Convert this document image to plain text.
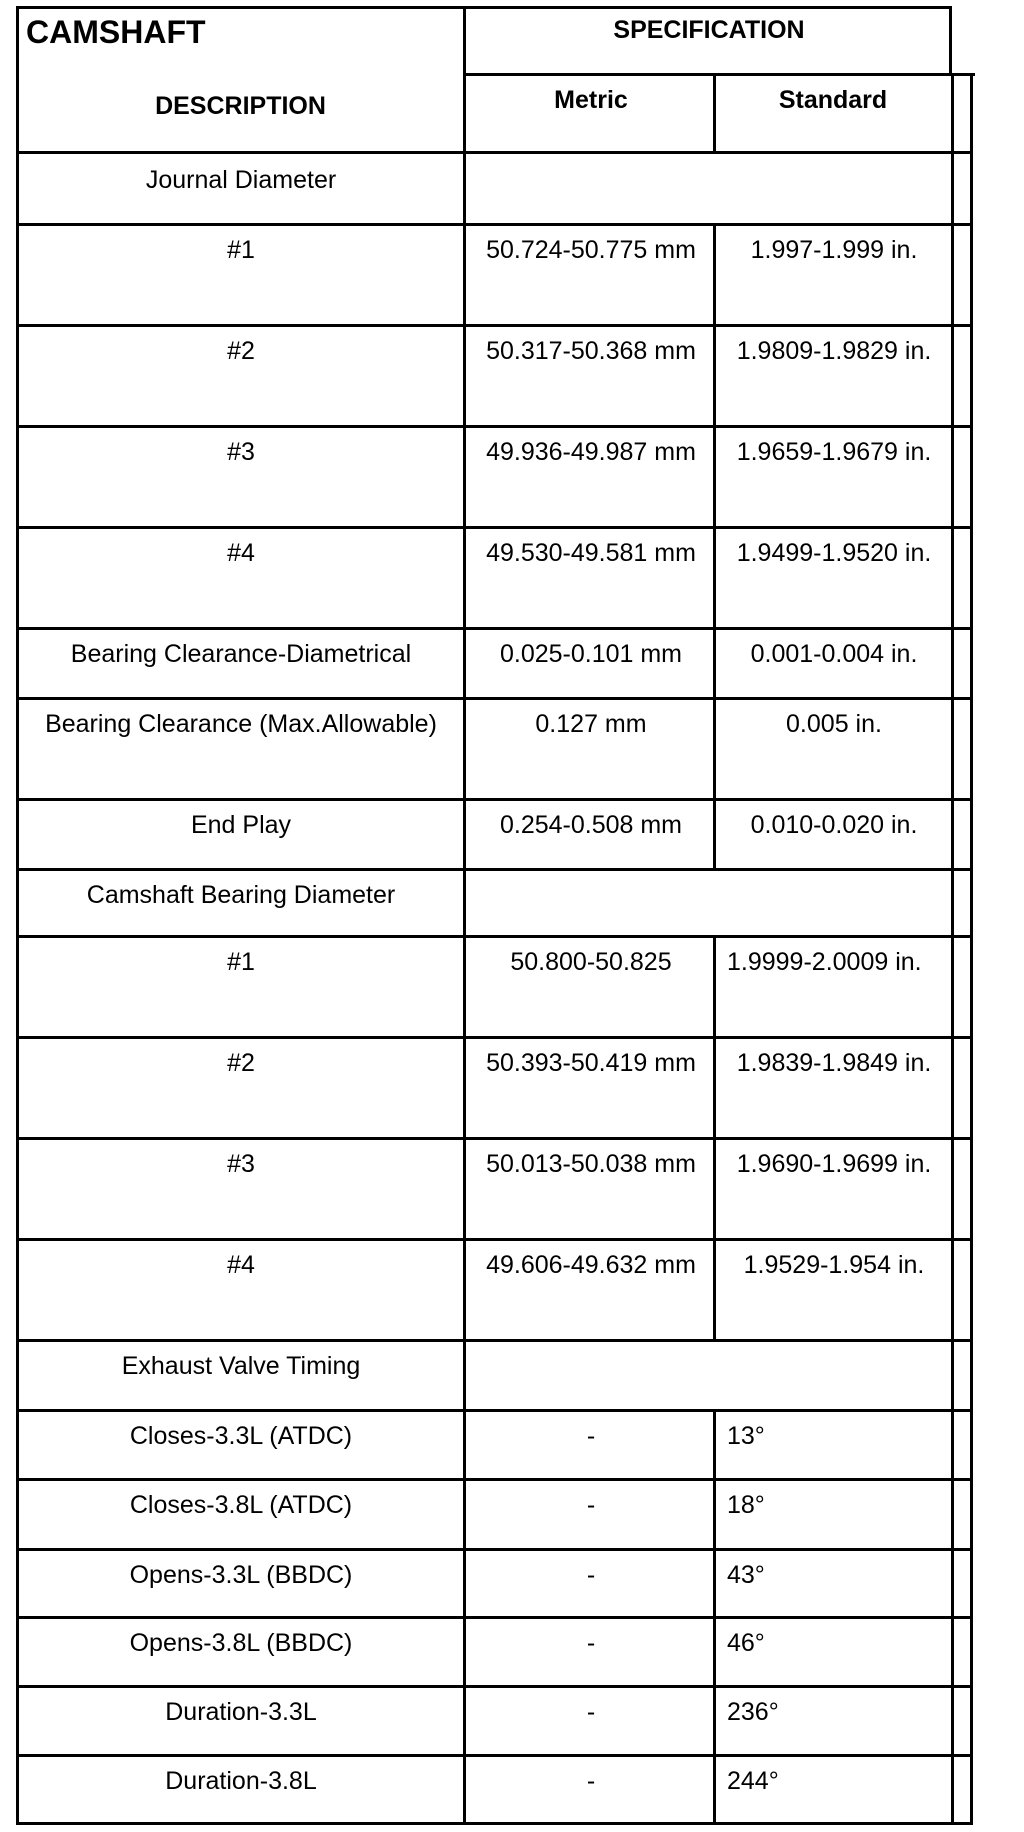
CAMSHAFT	SPECIFICATION
DESCRIPTION	Metric	Standard
Journal Diameter
#1	50.724-50.775 mm	1.997-1.999 in.
#2	50.317-50.368 mm	1.9809-1.9829 in.
#3	49.936-49.987 mm	1.9659-1.9679 in.
#4	49.530-49.581 mm	1.9499-1.9520 in.
Bearing Clearance-Diametrical	0.025-0.101 mm	0.001-0.004 in.
Bearing Clearance (Max.Allowable)	0.127 mm	0.005 in.
End Play	0.254-0.508 mm	0.010-0.020 in.
Camshaft Bearing Diameter
#1	50.800-50.825	1.9999-2.0009 in.
#2	50.393-50.419 mm	1.9839-1.9849 in.
#3	50.013-50.038 mm	1.9690-1.9699 in.
#4	49.606-49.632 mm	1.9529-1.954 in.
Exhaust Valve Timing
Closes-3.3L (ATDC)	-	13°
Closes-3.8L (ATDC)	-	18°
Opens-3.3L (BBDC)	-	43°
Opens-3.8L (BBDC)	-	46°
Duration-3.3L	-	236°
Duration-3.8L	-	244°
